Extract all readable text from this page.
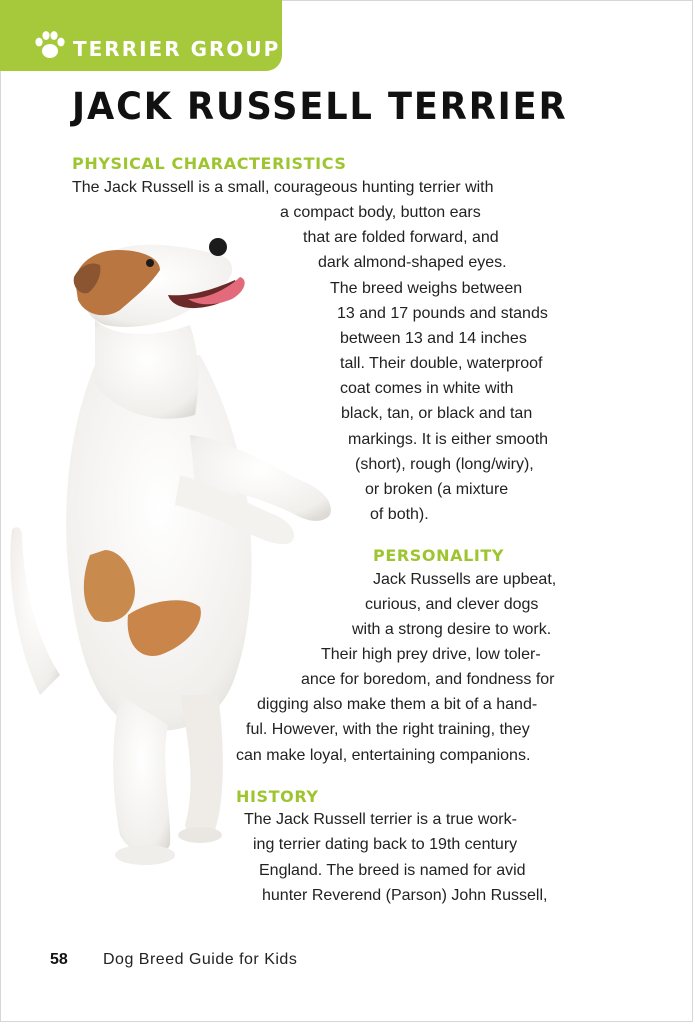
TERRIER GROUP
JACK RUSSELL TERRIER
PHYSICAL CHARACTERISTICS

The Jack Russell is a small, courageous hunting terrier with

a compact body, button ears

that are folded forward, and

dark almond-shaped eyes.

The breed weighs between

13 and 17 pounds and stands

between 13 and 14 inches

tall. Their double, waterproof

coat comes in white with

black, tan, or black and tan

markings. It is either smooth

(short), rough (long/wiry),

or broken (a mixture

of both).

PERSONALITY

Jack Russells are upbeat,

curious, and clever dogs

with a strong desire to work.

Their high prey drive, low toler-

ance for boredom, and fondness for

digging also make them a bit of a hand-

ful. However, with the right training, they

can make loyal, entertaining companions.

HISTORY

The Jack Russell terrier is a true work-

ing terrier dating back to 19th century

England. The breed is named for avid

hunter Reverend (Parson) John Russell,

58 Dog Breed Guide for Kids
